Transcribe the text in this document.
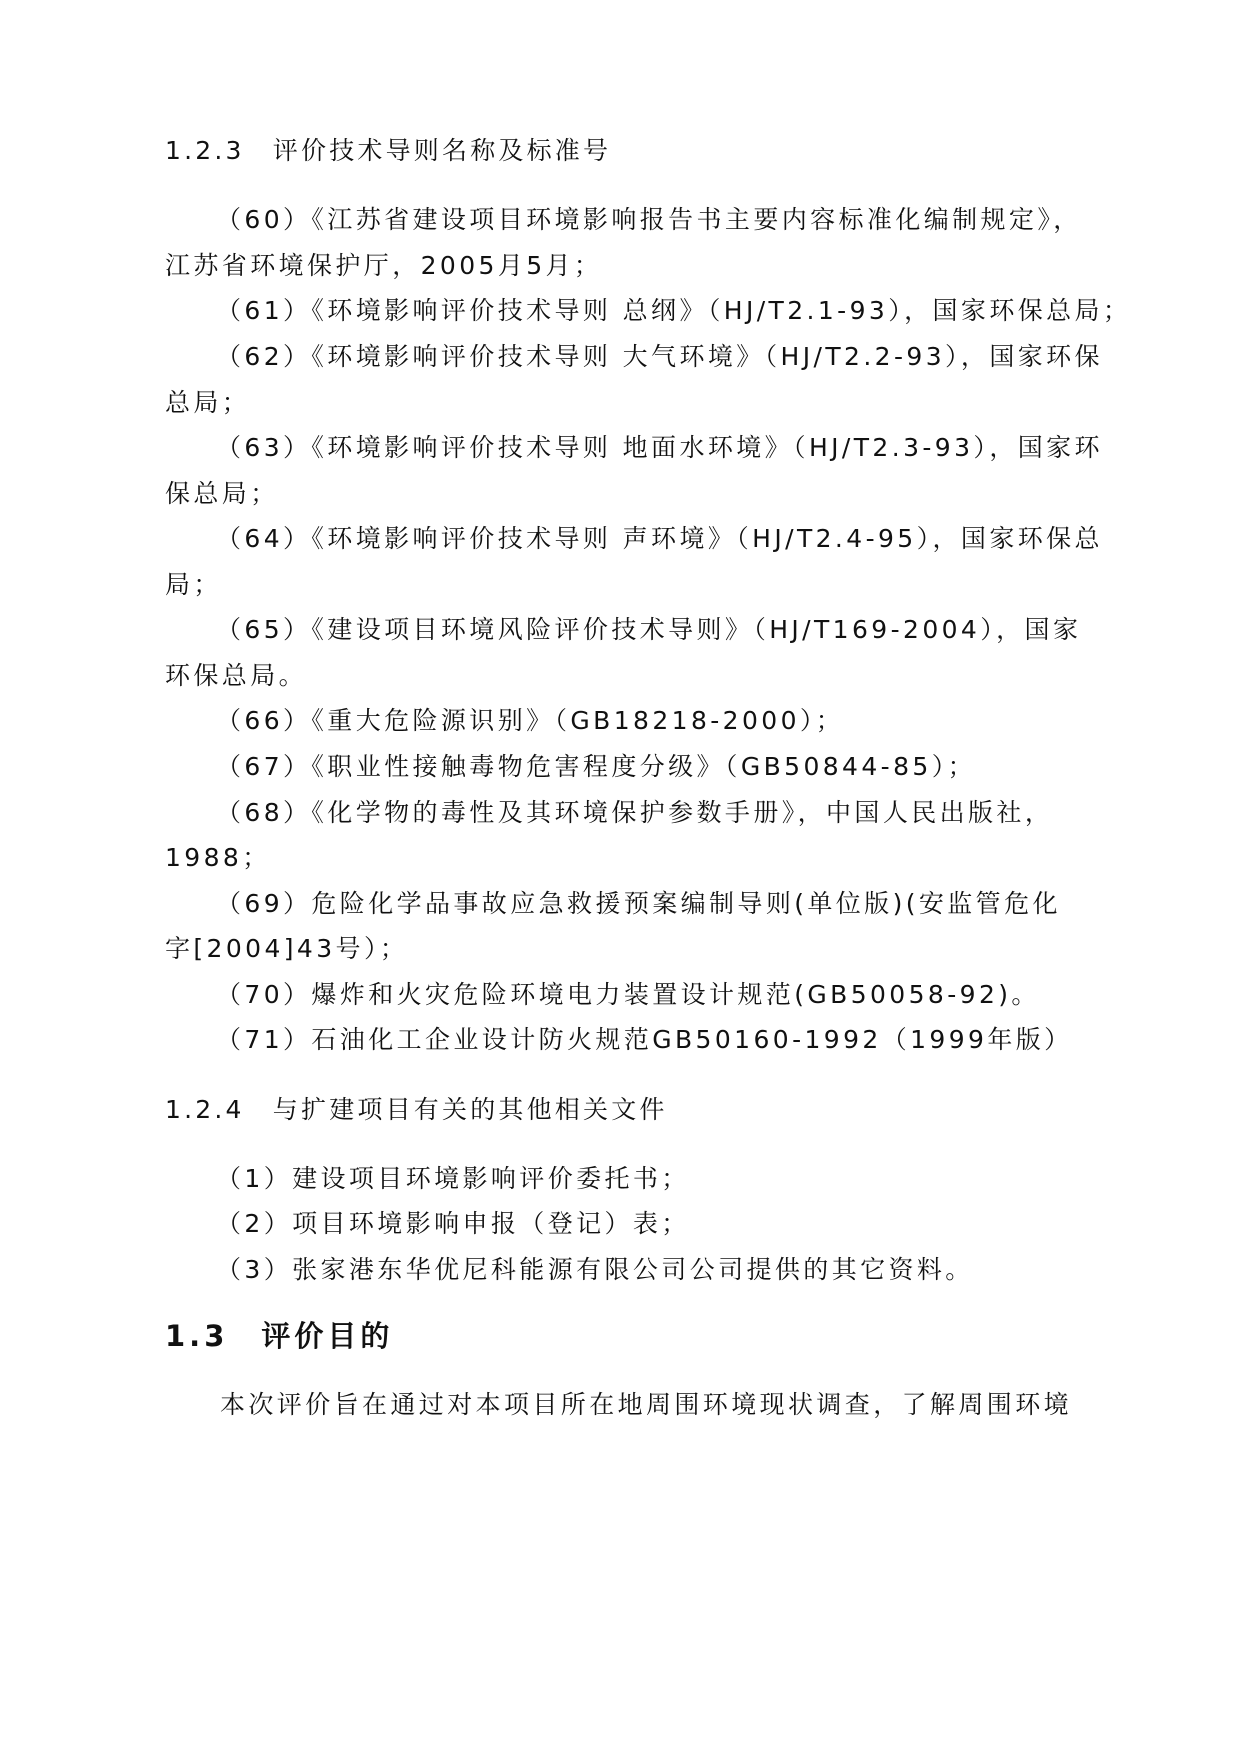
1.2.3　评价技术导则名称及标准号
（60）《江苏省建设项目环境影响报告书主要内容标准化编制规定》，
江苏省环境保护厅，2005月5月；
（61）《环境影响评价技术导则 总纲》（HJ/T2.1-93），国家环保总局；
（62）《环境影响评价技术导则 大气环境》（HJ/T2.2-93），国家环保
总局；
（63）《环境影响评价技术导则 地面水环境》（HJ/T2.3-93），国家环
保总局；
（64）《环境影响评价技术导则 声环境》（HJ/T2.4-95），国家环保总
局；
（65）《建设项目环境风险评价技术导则》（HJ/T169-2004），国家
环保总局。
（66）《重大危险源识别》（GB18218-2000）；
（67）《职业性接触毒物危害程度分级》（GB50844-85）；
（68）《化学物的毒性及其环境保护参数手册》，中国人民出版社，
1988；
（69）危险化学品事故应急救援预案编制导则(单位版)(安监管危化
字[2004]43号）；
（70）爆炸和火灾危险环境电力装置设计规范(GB50058-92)。
（71）石油化工企业设计防火规范GB50160-1992（1999年版）
1.2.4　与扩建项目有关的其他相关文件
（1）建设项目环境影响评价委托书；
（2）项目环境影响申报（登记）表；
（3）张家港东华优尼科能源有限公司公司提供的其它资料。
1.3　评价目的
本次评价旨在通过对本项目所在地周围环境现状调查，了解周围环境
